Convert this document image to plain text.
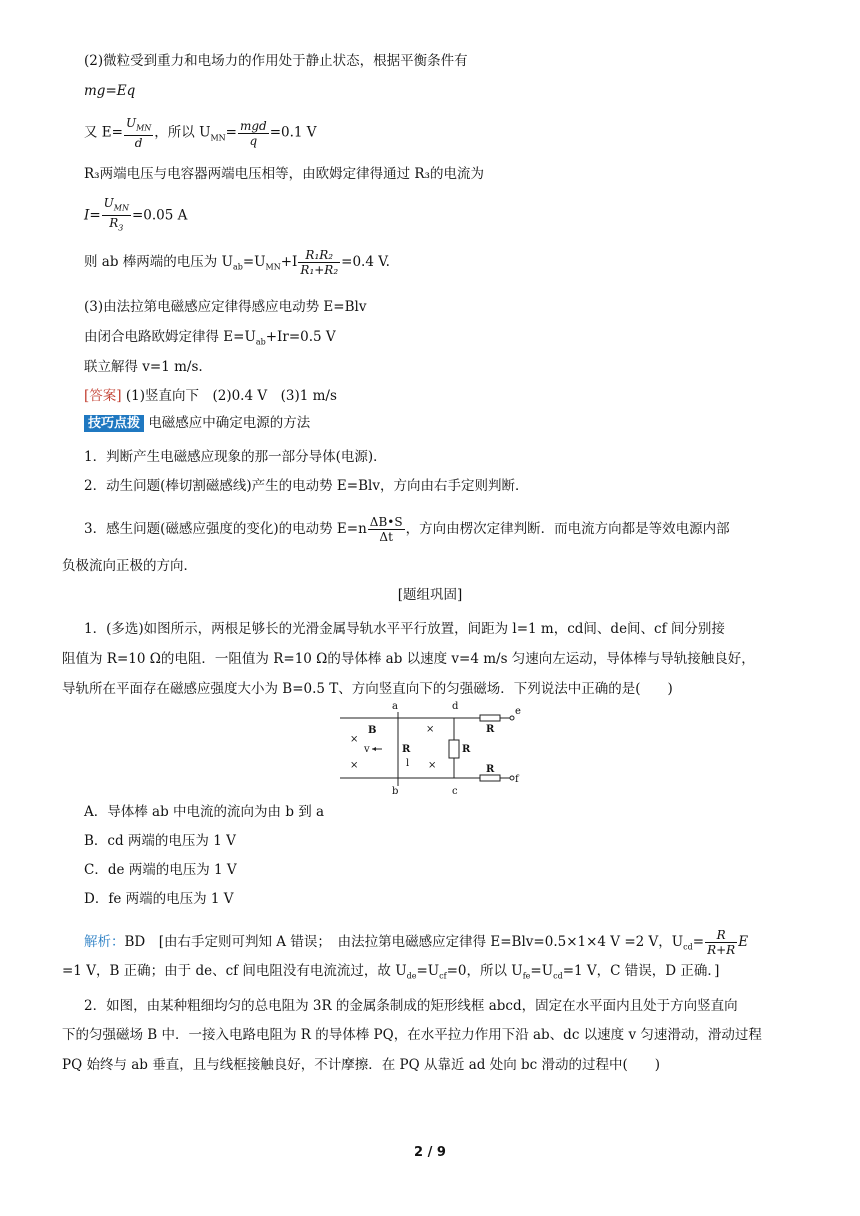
(2)微粒受到重力和电场力的作用处于静止状态，根据平衡条件有
mg=Eq
又 $E= \frac{U_{MN}}{d}$ ，所以 $U_{MN}= \frac{\text{mgd}}{q} =0.1$ V
R₃两端电压与电容器两端电压相等，由欧姆定律得通过 R₃的电流为
$I= \frac{U_{MN}}{R_3} =0.05$ A
则 ab 棒两端的电压为 $U_{ab}=U_{MN}+I \frac{\text{R₁R₂}}{\text{R₁+R₂}} =0.4$ V.
(3)由法拉第电磁感应定律得感应电动势 E=Blv
由闭合电路欧姆定律得 $E=U_{ab}+Ir=0.5$ V
联立解得 v=1 m/s.
[答案] (1)竖直向下　(2)0.4 V　(3)1 m/s
技巧点拨 电磁感应中确定电源的方法
1．判断产生电磁感应现象的那一部分导体(电源)．
2．动生问题(棒切割磁感线)产生的电动势 E=Blv，方向由右手定则判断．
3．感生问题(磁感应强度的变化)的电动势 $E=n \frac{\Delta B•S}{\Delta t}$ ，方向由楞次定律判断．而电流方向都是等效电源内部
负极流向正极的方向．
[题组巩固]
1．(多选)如图所示，两根足够长的光滑金属导轨水平平行放置，间距为 l=1 m，cd间、de间、cf 间分别接
阻值为 R=10 Ω的电阻．一阻值为 R=10 Ω的导体棒 ab 以速度 v=4 m/s 匀速向左运动，导体棒与导轨接触良好，
导轨所在平面存在磁感应强度大小为 B=0.5 T、方向竖直向下的匀强磁场．下列说法中正确的是(　　)
a	d	e
b	c
f
B
v	R
l
R
R
R
×
×
×
×
A．导体棒 ab 中电流的流向为由 b 到 a
B．cd 两端的电压为 1 V
C．de 两端的电压为 1 V
D．fe 两端的电压为 1 V
解析：BD　[由右手定则可判知 A 错误；　由法拉第电磁感应定律得 E=Blv=0.5×1×4 V =2 V，$U_{cd}= \frac{R}{R+R}$ E
=1 V，B 正确；由于 de、cf 间电阻没有电流流过，故 $U_{de}=U_{cf}=0$，所以 $U_{fe}=U_{cd}=1$ V，C 错误，D 正确．]
2．如图，由某种粗细均匀的总电阻为 3R 的金属条制成的矩形线框 abcd，固定在水平面内且处于方向竖直向
下的匀强磁场 B 中．一接入电路电阻为 R 的导体棒 PQ，在水平拉力作用下沿 ab、dc 以速度 v 匀速滑动，滑动过程
PQ 始终与 ab 垂直，且与线框接触良好，不计摩擦．在 PQ 从靠近 ad 处向 bc 滑动的过程中(　　)
2 / 9
